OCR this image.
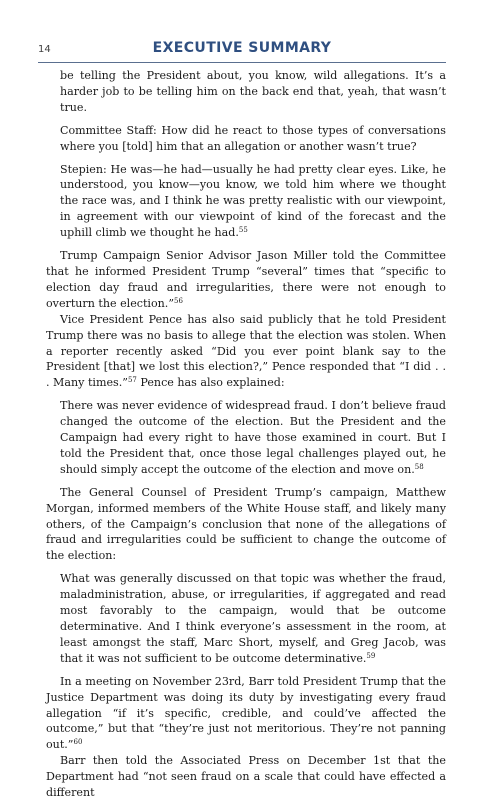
14	EXECUTIVE SUMMARY

be telling the President about, you know, wild allegations. It’s a harder job to be telling him on the back end that, yeah, that wasn’t true.

Committee Staff: How did he react to those types of conversations where you [told] him that an allegation or another wasn’t true?

Stepien: He was—he had—usually he had pretty clear eyes. Like, he understood, you know—you know, we told him where we thought the race was, and I think he was pretty realistic with our viewpoint, in agreement with our viewpoint of kind of the forecast and the uphill climb we thought he had.$^{55}$

Trump Campaign Senior Advisor Jason Miller told the Committee that he informed President Trump “several” times that “specific to election day fraud and irregularities, there were not enough to overturn the election.”$^{56}$

Vice President Pence has also said publicly that he told President Trump there was no basis to allege that the election was stolen. When a reporter recently asked “Did you ever point blank say to the President [that] we lost this election?,” Pence responded that “I did . . . Many times.”$^{57}$ Pence has also explained:

There was never evidence of widespread fraud. I don’t believe fraud changed the outcome of the election. But the President and the Campaign had every right to have those examined in court. But I told the President that, once those legal challenges played out, he should simply accept the outcome of the election and move on.$^{58}$

The General Counsel of President Trump’s campaign, Matthew Morgan, informed members of the White House staff, and likely many others, of the Campaign’s conclusion that none of the allegations of fraud and irregularities could be sufficient to change the outcome of the election:

What was generally discussed on that topic was whether the fraud, maladministration, abuse, or irregularities, if aggregated and read most favorably to the campaign, would that be outcome determinative. And I think everyone’s assessment in the room, at least amongst the staff, Marc Short, myself, and Greg Jacob, was that it was not sufficient to be outcome determinative.$^{59}$

In a meeting on November 23rd, Barr told President Trump that the Justice Department was doing its duty by investigating every fraud allegation “if it’s specific, credible, and could’ve affected the outcome,” but that “they’re just not meritorious. They’re not panning out.”$^{60}$

Barr then told the Associated Press on December 1st that the Department had “not seen fraud on a scale that could have effected a different
